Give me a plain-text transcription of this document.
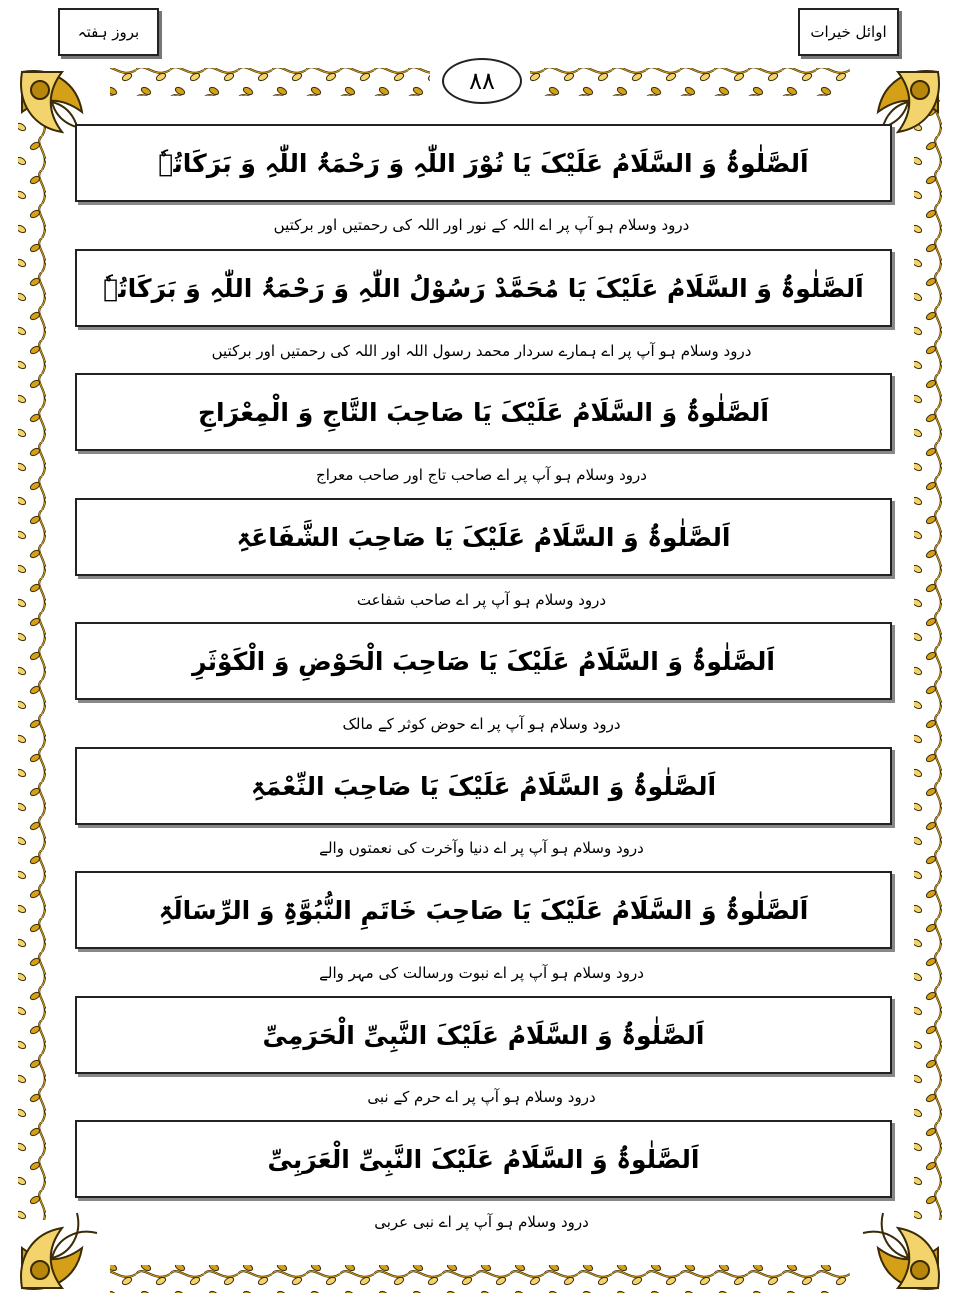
اوائل خیرات
بروز ہفتہ
٨٨
اَلصَّلٰوۃُ وَ السَّلَامُ عَلَیْکَ یَا نُوْرَ اللّٰہِ وَ رَحْمَۃُ اللّٰہِ وَ بَرَکَاتُہٗ
درود وسلام ہو آپ پر اے اللہ کے نور اور اللہ کی رحمتیں اور برکتیں
اَلصَّلٰوۃُ وَ السَّلَامُ عَلَیْکَ یَا مُحَمَّدْ رَسُوْلُ اللّٰہِ وَ رَحْمَۃُ اللّٰہِ وَ بَرَکَاتُہٗ
درود وسلام ہو آپ پر اے ہمارے سردار محمد رسول اللہ اور اللہ کی رحمتیں اور برکتیں
اَلصَّلٰوۃُ وَ السَّلَامُ عَلَیْکَ یَا صَاحِبَ التَّاجِ وَ الْمِعْرَاجِ
درود وسلام ہو آپ پر اے صاحب تاج اور صاحب معراج
اَلصَّلٰوۃُ وَ السَّلَامُ عَلَیْکَ یَا صَاحِبَ الشَّفَاعَۃِ
درود وسلام ہو آپ پر اے صاحب شفاعت
اَلصَّلٰوۃُ وَ السَّلَامُ عَلَیْکَ یَا صَاحِبَ الْحَوْضِ وَ الْکَوْثَرِ
درود وسلام ہو آپ پر اے حوض کوثر کے مالک
اَلصَّلٰوۃُ وَ السَّلَامُ عَلَیْکَ یَا صَاحِبَ النِّعْمَۃِ
درود وسلام ہو آپ پر اے دنیا وآخرت کی نعمتوں والے
اَلصَّلٰوۃُ وَ السَّلَامُ عَلَیْکَ یَا صَاحِبَ خَاتَمِ النُّبُوَّۃِ وَ الرِّسَالَۃِ
درود وسلام ہو آپ پر اے نبوت ورسالت کی مہر والے
اَلصَّلٰوۃُ وَ السَّلَامُ عَلَیْکَ النَّبِیِّ الْحَرَمِیِّ
درود وسلام ہو آپ پر اے حرم کے نبی
اَلصَّلٰوۃُ وَ السَّلَامُ عَلَیْکَ النَّبِیِّ الْعَرَبِیِّ
درود وسلام ہو آپ پر اے نبی عربی
